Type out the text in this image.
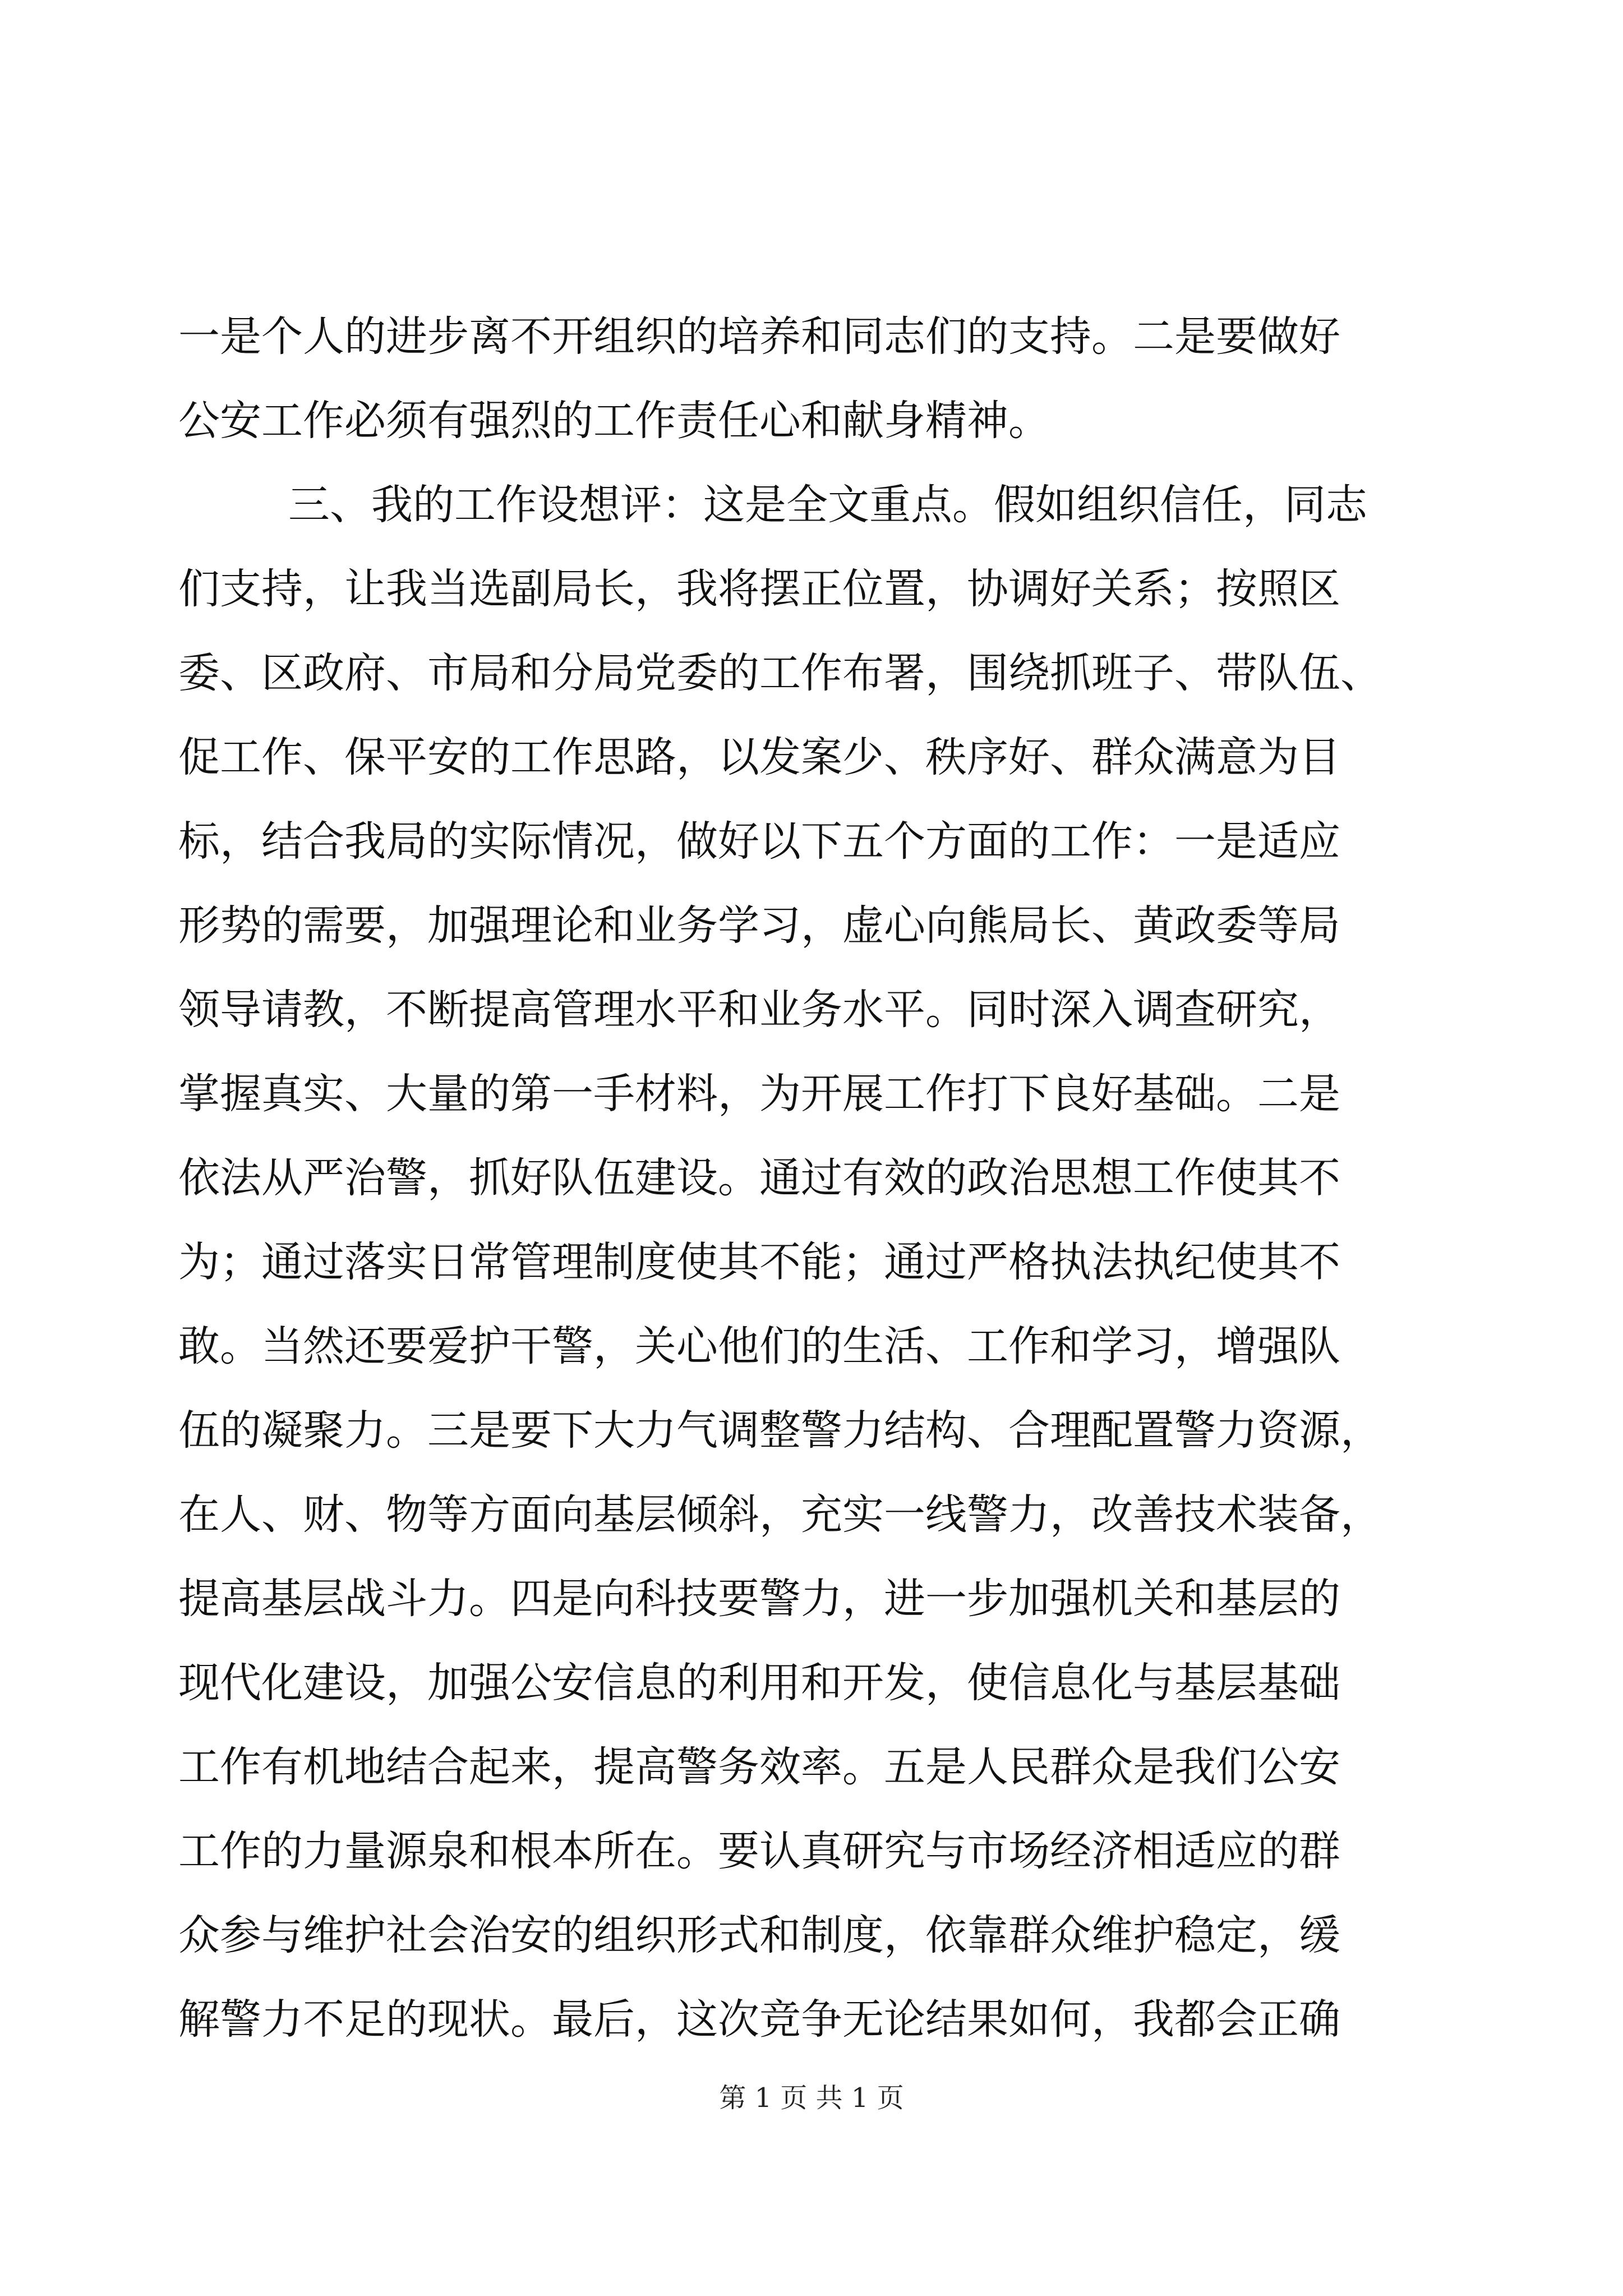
一是个人的进步离不开组织的培养和同志们的支持。二是要做好
公安工作必须有强烈的工作责任心和献身精神。
三、我的工作设想评：这是全文重点。假如组织信任，同志
们支持，让我当选副局长，我将摆正位置，协调好关系；按照区
委、区政府、市局和分局党委的工作布署，围绕抓班子、带队伍、
促工作、保平安的工作思路，以发案少、秩序好、群众满意为目
标，结合我局的实际情况，做好以下五个方面的工作：一是适应
形势的需要，加强理论和业务学习，虚心向熊局长、黄政委等局
领导请教，不断提高管理水平和业务水平。同时深入调查研究，
掌握真实、大量的第一手材料，为开展工作打下良好基础。二是
依法从严治警，抓好队伍建设。通过有效的政治思想工作使其不
为；通过落实日常管理制度使其不能；通过严格执法执纪使其不
敢。当然还要爱护干警，关心他们的生活、工作和学习，增强队
伍的凝聚力。三是要下大力气调整警力结构、合理配置警力资源，
在人、财、物等方面向基层倾斜，充实一线警力，改善技术装备，
提高基层战斗力。四是向科技要警力，进一步加强机关和基层的
现代化建设，加强公安信息的利用和开发，使信息化与基层基础
工作有机地结合起来，提高警务效率。五是人民群众是我们公安
工作的力量源泉和根本所在。要认真研究与市场经济相适应的群
众参与维护社会治安的组织形式和制度，依靠群众维护稳定，缓
解警力不足的现状。最后，这次竞争无论结果如何，我都会正确
第 1 页 共 1 页
